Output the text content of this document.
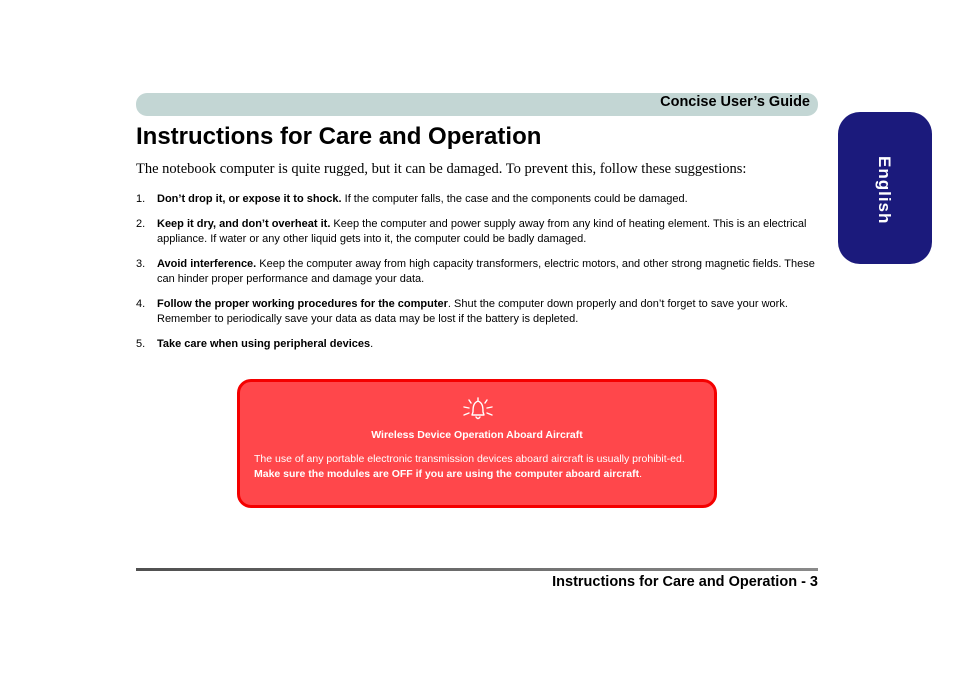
Concise User’s Guide
English
Instructions for Care and Operation

The notebook computer is quite rugged, but it can be damaged. To prevent this, follow these suggestions:

1. Don’t drop it, or expose it to shock. If the computer falls, the case and the components could be damaged.
2. Keep it dry, and don’t overheat it. Keep the computer and power supply away from any kind of heating element. This is an electrical appliance. If water or any other liquid gets into it, the computer could be badly damaged.
3. Avoid interference. Keep the computer away from high capacity transformers, electric motors, and other strong magnetic fields. These can hinder proper performance and damage your data.
4. Follow the proper working procedures for the computer. Shut the computer down properly and don’t forget to save your work. Remember to periodically save your data as data may be lost if the battery is depleted.
5. Take care when using peripheral devices.
Wireless Device Operation Aboard Aircraft
The use of any portable electronic transmission devices aboard aircraft is usually prohibit-ed. Make sure the modules are OFF if you are using the computer aboard aircraft.
Instructions for Care and Operation - 3
